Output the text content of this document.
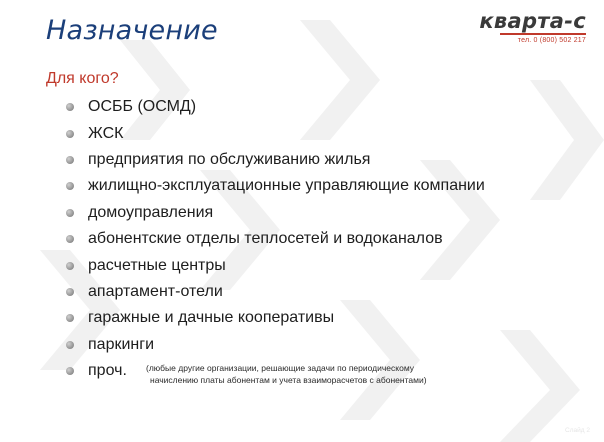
Назначение	кварта-с
тел. 0 (800) 502 217
Для кого?
ОСББ (ОСМД)
ЖСК
предприятия по обслуживанию жилья
жилищно-эксплуатационные управляющие компании
домоуправления
абонентские отделы теплосетей и водоканалов
расчетные центры
апартамент-отели
гаражные и дачные кооперативы
паркинги
проч. (любые другие организации, решающие задачи по периодическому
начислению платы абонентам и учета взаиморасчетов с абонентами)
Слайд 2
